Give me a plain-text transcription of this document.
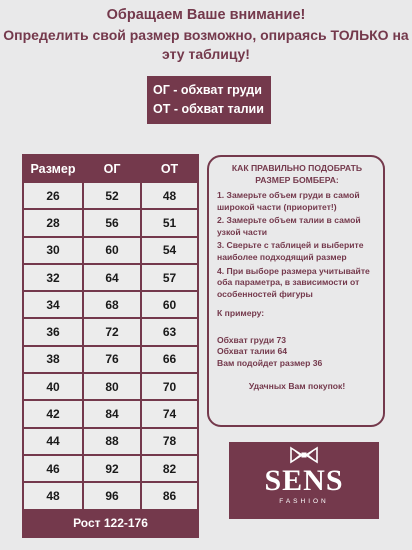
Обращаем Ваше внимание!
Определить свой размер возможно, опираясь ТОЛЬКО на
эту таблицу!
ОГ - обхват груди
ОТ - обхват талии
Размер	ОГ	ОТ
26	52	48
28	56	51
30	60	54
32	64	57
34	68	60
36	72	63
38	76	66
40	80	70
42	84	74
44	88	78
46	92	82
48	96	86
Рост 122-176		
КАК ПРАВИЛЬНО ПОДОБРАТЬ РАЗМЕР БОМБЕРА:
1. Замерьте объем груди в самой широкой части (приоритет!)
2. Замерьте объем талии в самой узкой части
3. Сверьте с таблицей и выберите наиболее подходящий размер
4. При выборе размера учитывайте оба параметра, в зависимости от особенностей фигуры
К примеру:
Обхват груди 73
Обхват талии 64
Вам подойдет размер 36
Удачных Вам покупок!
SENS
FASHION
